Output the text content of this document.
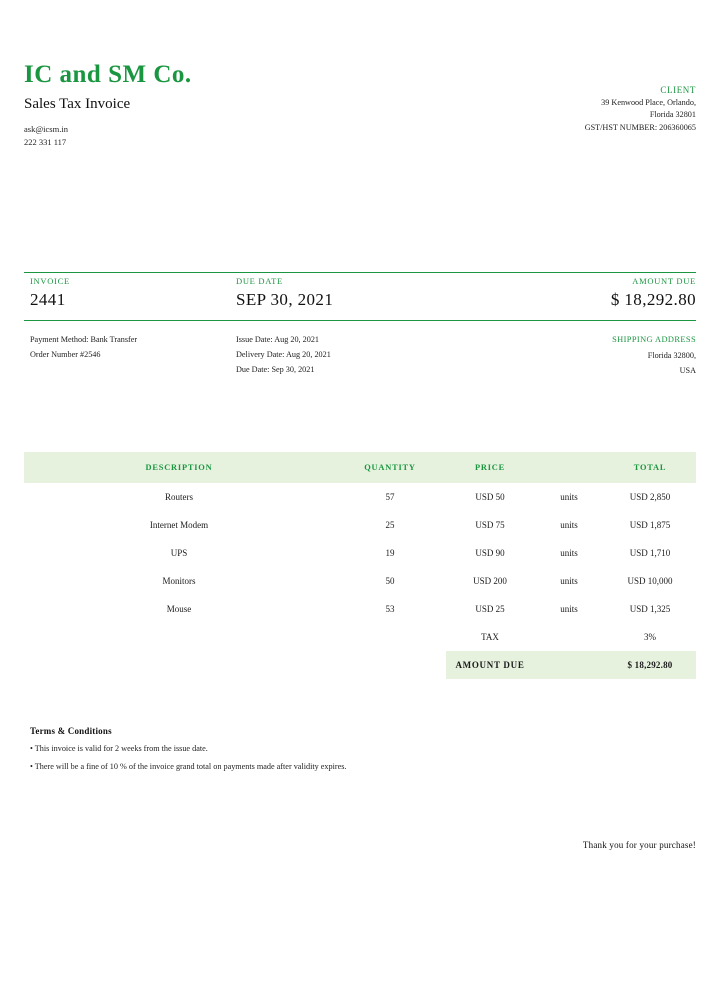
IC and SM Co.
Sales Tax Invoice
ask@icsm.in
222 331 117
CLIENT
39 Kenwood Place, Orlando,
Florida 32801
GST/HST NUMBER: 206360065
INVOICE
2441
DUE DATE
SEP 30, 2021
AMOUNT DUE
$ 18,292.80
Payment Method: Bank Transfer
Order Number #2546
Issue Date: Aug 20, 2021
Delivery Date: Aug 20, 2021
Due Date: Sep 30, 2021
SHIPPING ADDRESS
Florida 32800,
USA
DESCRIPTION	QUANTITY	PRICE		TOTAL
Routers	57	USD 50	units	USD 2,850
Internet Modem	25	USD 75	units	USD 1,875
UPS	19	USD 90	units	USD 1,710
Monitors	50	USD 200	units	USD 10,000
Mouse	53	USD 25	units	USD 1,325
		TAX		3%
		AMOUNT DUE		$ 18,292.80
Terms & Conditions
• This invoice is valid for 2 weeks from the issue date.
• There will be a fine of 10 % of the invoice grand total on payments made after validity expires.
Thank you for your purchase!
